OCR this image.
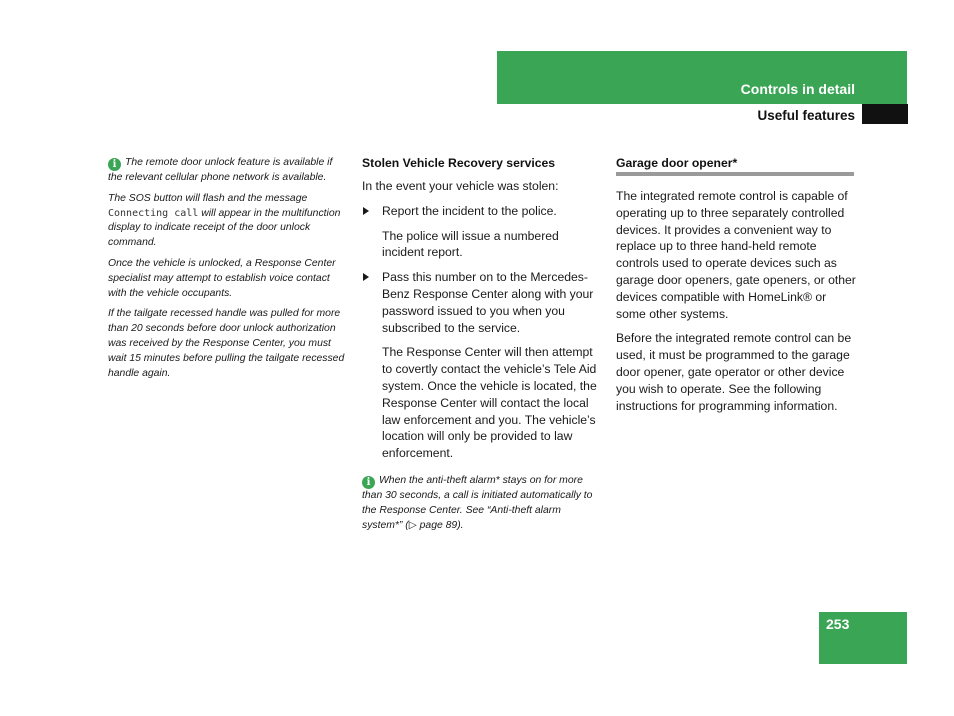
Controls in detail
Useful features

i The remote door unlock feature is available if the relevant cellular phone network is available.

The SOS button will flash and the message Connecting call will appear in the multifunction display to indicate receipt of the door unlock command.

Once the vehicle is unlocked, a Response Center specialist may attempt to establish voice contact with the vehicle occupants.

If the tailgate recessed handle was pulled for more than 20 seconds before door unlock authorization was received by the Response Center, you must wait 15 minutes before pulling the tailgate recessed handle again.

Stolen Vehicle Recovery services
In the event your vehicle was stolen:
Report the incident to the police.
The police will issue a numbered incident report.
Pass this number on to the Mercedes-Benz Response Center along with your password issued to you when you subscribed to the service.
The Response Center will then attempt to covertly contact the vehicle’s Tele Aid system. Once the vehicle is located, the Response Center will contact the local law enforcement and you. The vehicle’s location will only be provided to law enforcement.

i When the anti-theft alarm* stays on for more than 30 seconds, a call is initiated automatically to the Response Center. See “Anti-theft alarm system*” (▷ page 89).

Garage door opener*
The integrated remote control is capable of operating up to three separately controlled devices. It provides a convenient way to replace up to three hand-held remote controls used to operate devices such as garage door openers, gate openers, or other devices compatible with HomeLink® or some other systems.
Before the integrated remote control can be used, it must be programmed to the garage door opener, gate operator or other device you wish to operate. See the following instructions for programming information.
253
